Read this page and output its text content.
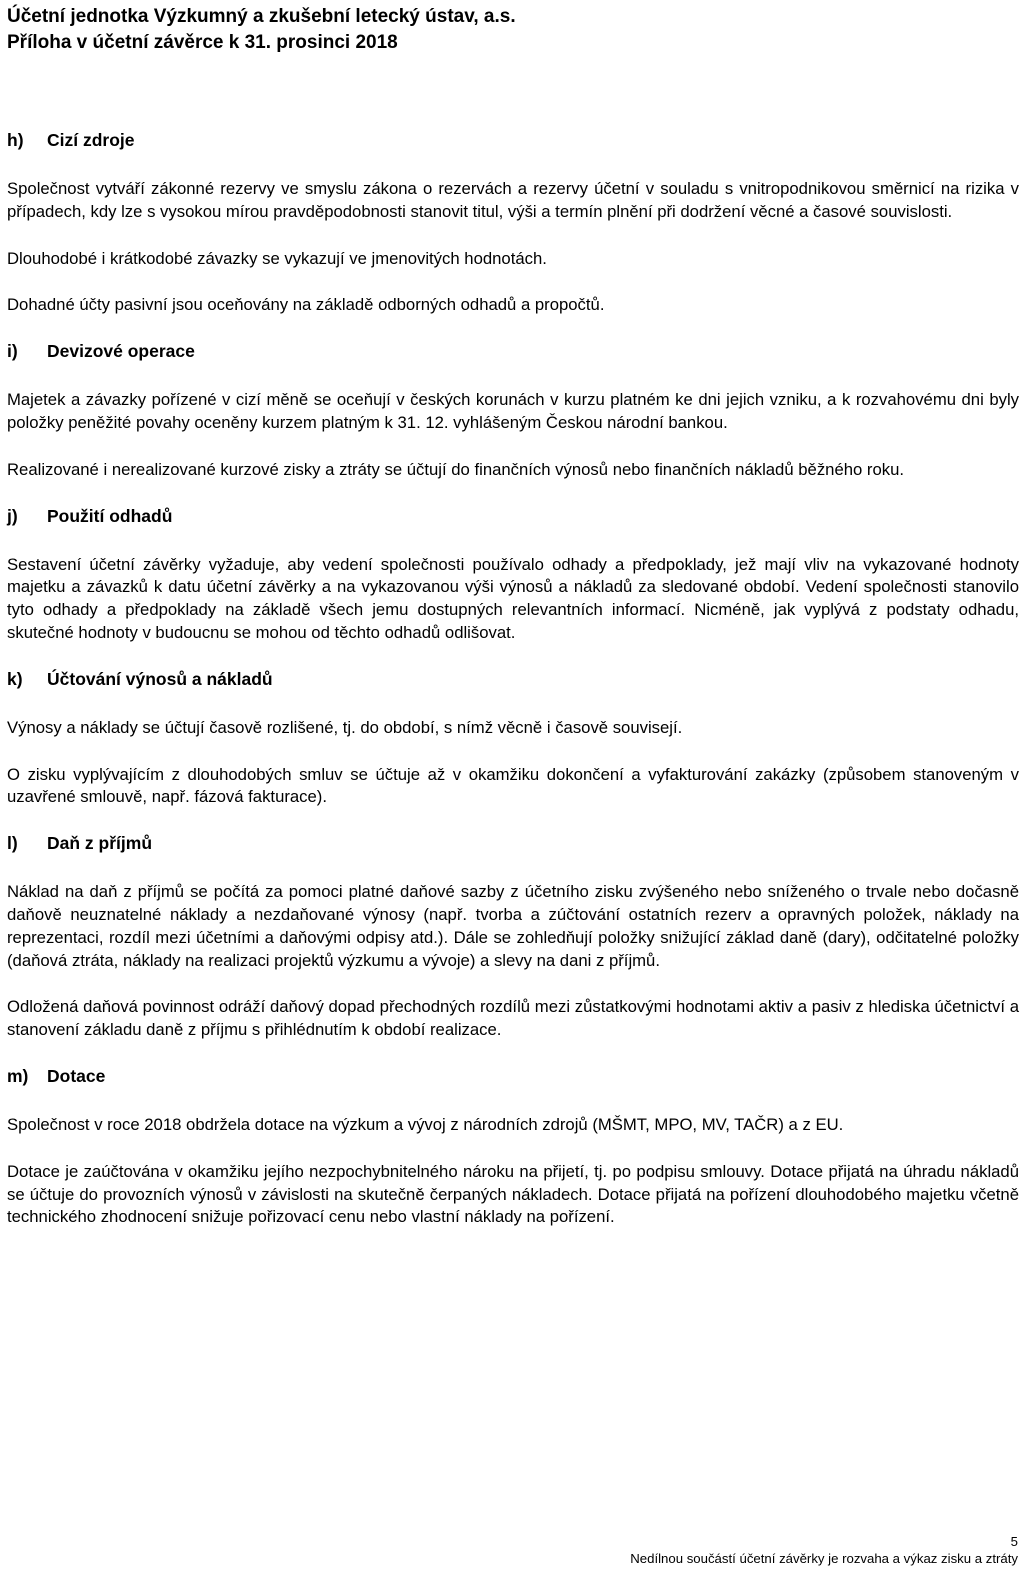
Účetní jednotka Výzkumný a zkušební letecký ústav, a.s.
Příloha v účetní závěrce k 31. prosinci 2018
h)	Cizí zdroje

Společnost vytváří zákonné rezervy ve smyslu zákona o rezervách a rezervy účetní v souladu s vnitropodnikovou směrnicí na rizika v případech, kdy lze s vysokou mírou pravděpodobnosti stanovit titul, výši a termín plnění při dodržení věcné a časové souvislosti.

Dlouhodobé i krátkodobé závazky se vykazují ve jmenovitých hodnotách.

Dohadné účty pasivní jsou oceňovány na základě odborných odhadů a propočtů.

i)	Devizové operace

Majetek a závazky pořízené v cizí měně se oceňují v českých korunách v kurzu platném ke dni jejich vzniku, a k rozvahovému dni byly položky peněžité povahy oceněny kurzem platným k 31. 12. vyhlášeným Českou národní bankou.

Realizované i nerealizované kurzové zisky a ztráty se účtují do finančních výnosů nebo finančních nákladů běžného roku.

j)	Použití odhadů

Sestavení účetní závěrky vyžaduje, aby vedení společnosti používalo odhady a předpoklady, jež mají vliv na vykazované hodnoty majetku a závazků k datu účetní závěrky a na vykazovanou výši výnosů a nákladů za sledované období. Vedení společnosti stanovilo tyto odhady a předpoklady na základě všech jemu dostupných relevantních informací. Nicméně, jak vyplývá z podstaty odhadu, skutečné hodnoty v budoucnu se mohou od těchto odhadů odlišovat.

k)	Účtování výnosů a nákladů

Výnosy a náklady se účtují časově rozlišené, tj. do období, s nímž věcně i časově souvisejí.

O zisku vyplývajícím z dlouhodobých smluv se účtuje až v okamžiku dokončení a vyfakturování zakázky (způsobem stanoveným v uzavřené smlouvě, např. fázová fakturace).

l)	Daň z příjmů

Náklad na daň z příjmů se počítá za pomoci platné daňové sazby z účetního zisku zvýšeného nebo sníženého o trvale nebo dočasně daňově neuznatelné náklady a nezdaňované výnosy (např. tvorba a zúčtování ostatních rezerv a opravných položek, náklady na reprezentaci, rozdíl mezi účetními a daňovými odpisy atd.). Dále se zohledňují položky snižující základ daně (dary), odčitatelné položky (daňová ztráta, náklady na realizaci projektů výzkumu a vývoje) a slevy na dani z příjmů.

Odložená daňová povinnost odráží daňový dopad přechodných rozdílů mezi zůstatkovými hodnotami aktiv a pasiv z hlediska účetnictví a stanovení základu daně z příjmu s přihlédnutím k období realizace.

m)	Dotace

Společnost v roce 2018 obdržela dotace na výzkum a vývoj z národních zdrojů (MŠMT, MPO, MV, TAČR) a z EU.

Dotace je zaúčtována v okamžiku jejího nezpochybnitelného nároku na přijetí, tj. po podpisu smlouvy. Dotace přijatá na úhradu nákladů se účtuje do provozních výnosů v závislosti na skutečně čerpaných nákladech. Dotace přijatá na pořízení dlouhodobého majetku včetně technického zhodnocení snižuje pořizovací cenu nebo vlastní náklady na pořízení.

5
Nedílnou součástí účetní závěrky je rozvaha a výkaz zisku a ztráty
